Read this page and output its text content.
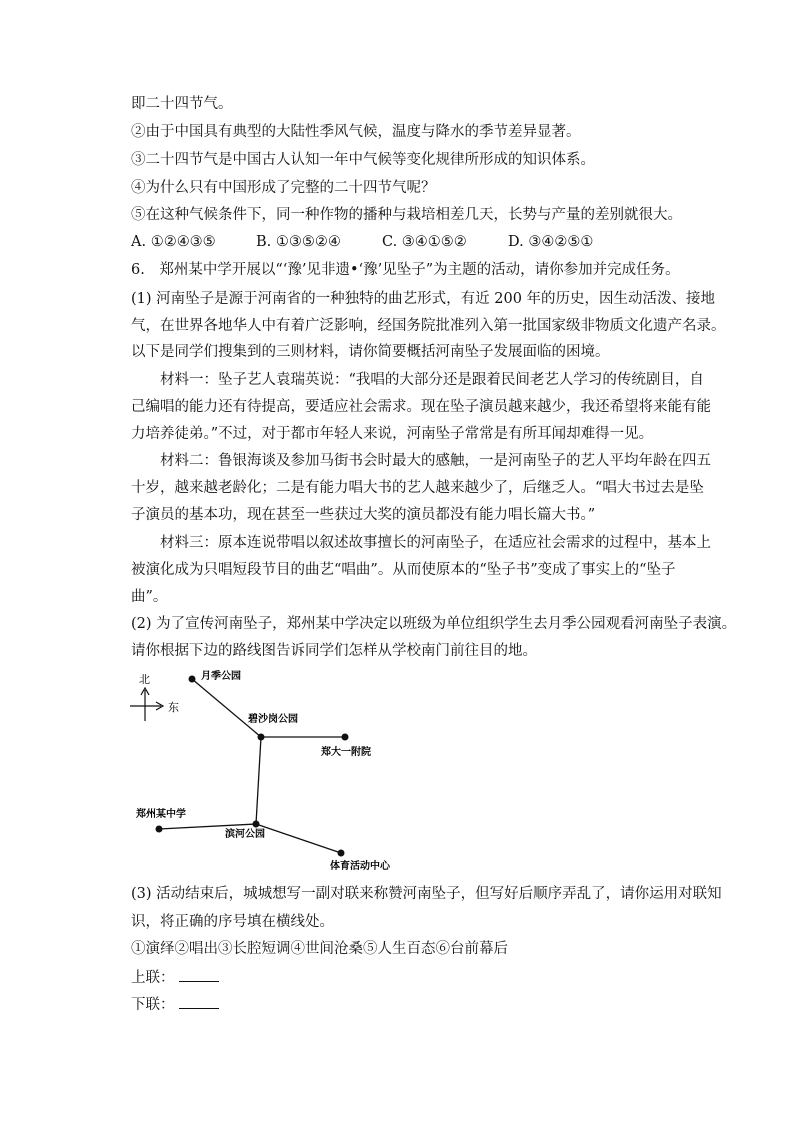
即二十四节气。
②由于中国具有典型的大陆性季风气候，温度与降水的季节差异显著。
③二十四节气是中国古人认知一年中气候等变化规律所形成的知识体系。
④为什么只有中国形成了完整的二十四节气呢？
⑤在这种气候条件下，同一种作物的播种与栽培相差几天，长势与产量的差别就很大。
A. ①②④③⑤	B. ①③⑤②④	C. ③④①⑤②	D. ③④②⑤①
6.　郑州某中学开展以“‘豫’见非遗•‘豫’见坠子”为主题的活动，请你参加并完成任务。
(1) 河南坠子是源于河南省的一种独特的曲艺形式，有近 200 年的历史，因生动活泼、接地
气，在世界各地华人中有着广泛影响，经国务院批准列入第一批国家级非物质文化遗产名录。
以下是同学们搜集到的三则材料，请你简要概括河南坠子发展面临的困境。
材料一：坠子艺人袁瑞英说：“我唱的大部分还是跟着民间老艺人学习的传统剧目，自
己编唱的能力还有待提高，要适应社会需求。现在坠子演员越来越少，我还希望将来能有能
力培养徒弟。”不过，对于都市年轻人来说，河南坠子常常是有所耳闻却难得一见。
材料二：鲁银海谈及参加马街书会时最大的感触，一是河南坠子的艺人平均年龄在四五
十岁，越来越老龄化；二是有能力唱大书的艺人越来越少了，后继乏人。“唱大书过去是坠
子演员的基本功，现在甚至一些获过大奖的演员都没有能力唱长篇大书。”
材料三：原本连说带唱以叙述故事擅长的河南坠子，在适应社会需求的过程中，基本上
被演化成为只唱短段节目的曲艺“唱曲”。从而使原本的“坠子书”变成了事实上的“坠子
曲”。
(2) 为了宣传河南坠子，郑州某中学决定以班级为单位组织学生去月季公园观看河南坠子表演。
请你根据下边的路线图告诉同学们怎样从学校南门前往目的地。
北
东
月季公园
碧沙岗公园
郑大一附院
郑州某中学
滨河公园
体育活动中心
(3) 活动结束后，城城想写一副对联来称赞河南坠子，但写好后顺序弄乱了，请你运用对联知
识，将正确的序号填在横线处。
①演绎②唱出③长腔短调④世间沧桑⑤人生百态⑥台前幕后
上联：
下联：
